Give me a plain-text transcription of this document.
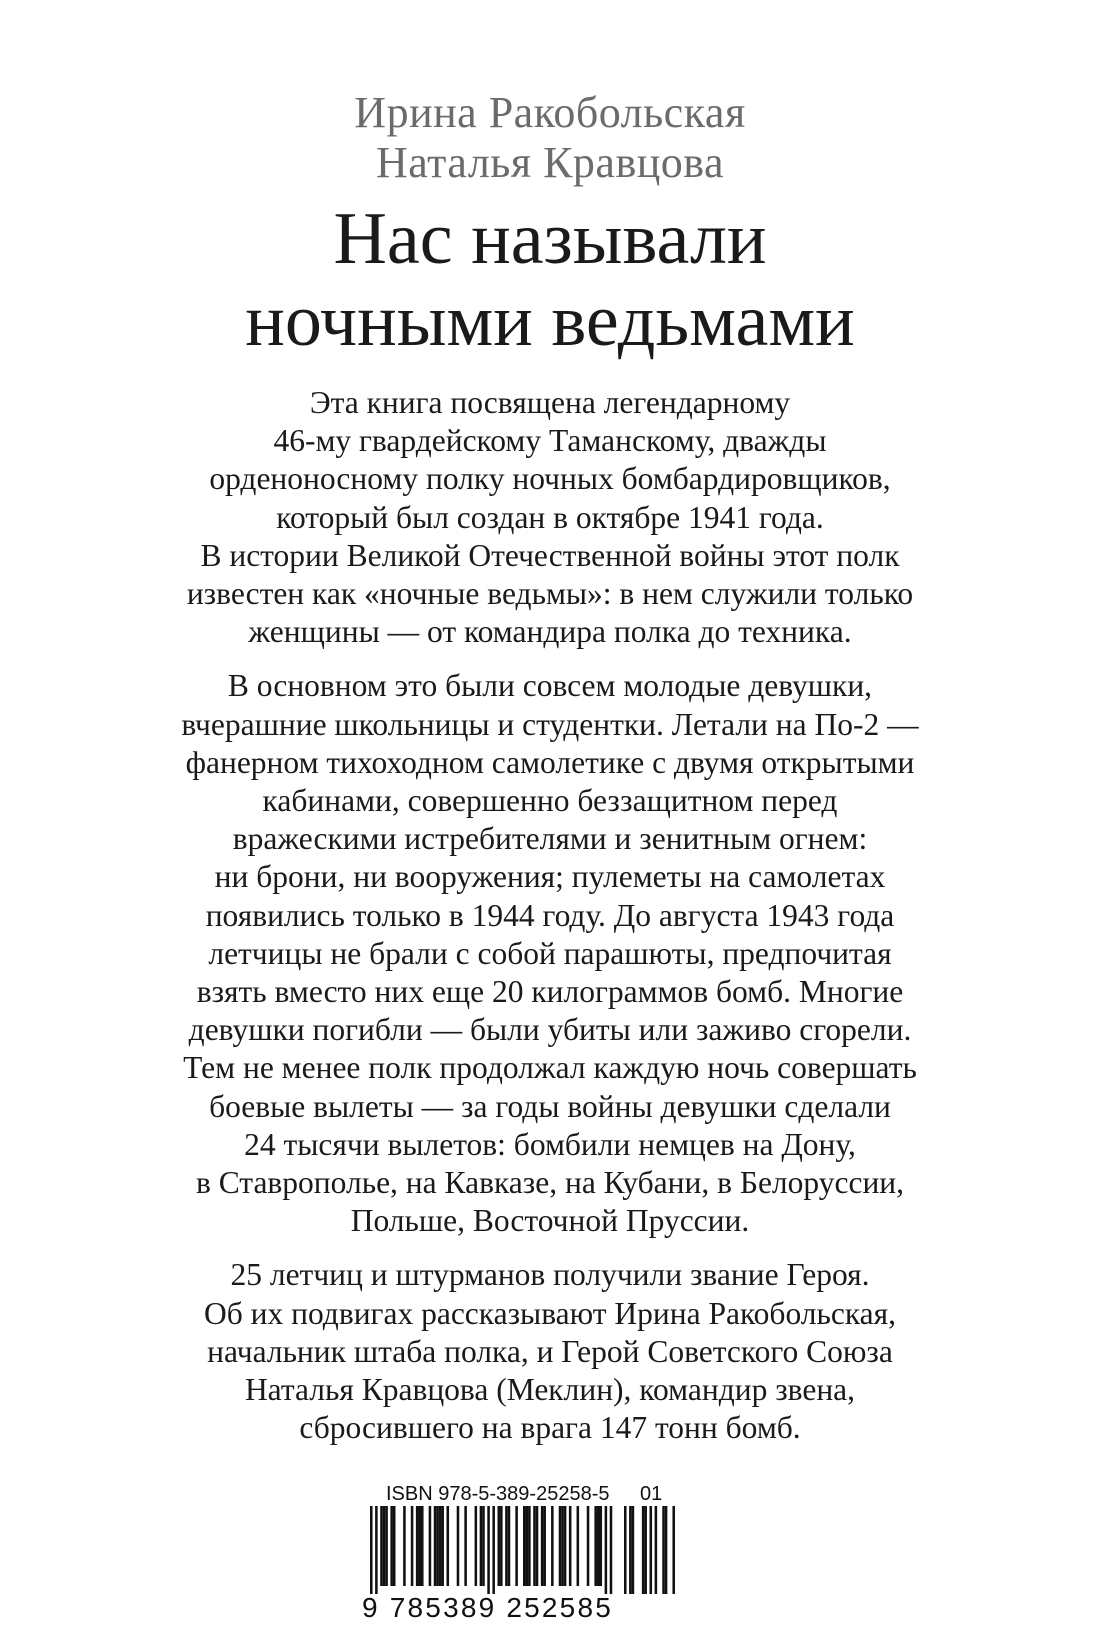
Ирина Ракобольская
Наталья Кравцова
Нас называли
ночными ведьмами
Эта книга посвящена легендарному
46-му гвардейскому Таманскому, дважды
орденоносному полку ночных бомбардировщиков,
который был создан в октябре 1941 года.
В истории Великой Отечественной войны этот полк
известен как «ночные ведьмы»: в нем служили только
женщины — от командира полка до техника.
В основном это были совсем молодые девушки,
вчерашние школьницы и студентки. Летали на По-2 —
фанерном тихоходном самолетике с двумя открытыми
кабинами, совершенно беззащитном перед
вражескими истребителями и зенитным огнем:
ни брони, ни вооружения; пулеметы на самолетах
появились только в 1944 году. До августа 1943 года
летчицы не брали с собой парашюты, предпочитая
взять вместо них еще 20 килограммов бомб. Многие
девушки погибли — были убиты или заживо сгорели.
Тем не менее полк продолжал каждую ночь совершать
боевые вылеты — за годы войны девушки сделали
24 тысячи вылетов: бомбили немцев на Дону,
в Ставрополье, на Кавказе, на Кубани, в Белоруссии,
Польше, Восточной Пруссии.
25 летчиц и штурманов получили звание Героя.
Об их подвигах рассказывают Ирина Ракобольская,
начальник штаба полка, и Герой Советского Союза
Наталья Кравцова (Меклин), командир звена,
сбросившего на врага 147 тонн бомб.
ISBN 978-5-389-25258-5 01
9 785389 252585
